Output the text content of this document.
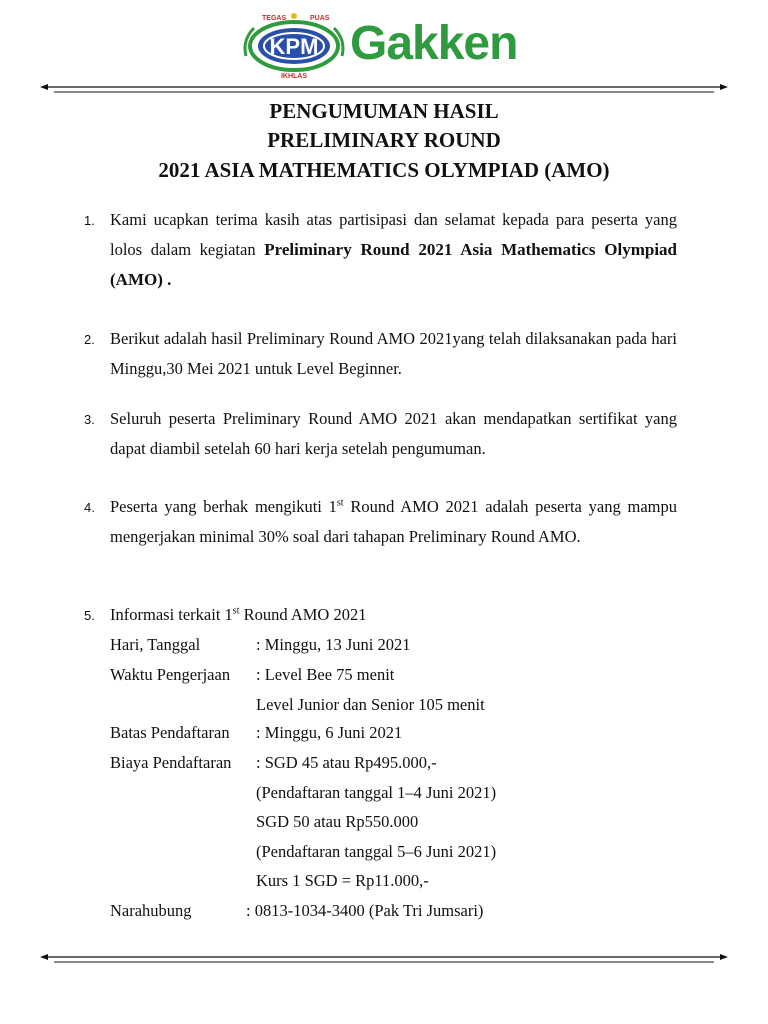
KPM
TEGAS	PUAS
IKHLAS
Gakken
PENGUMUMAN HASIL
PRELIMINARY ROUND
2021 ASIA MATHEMATICS OLYMPIAD (AMO)
1. Kami ucapkan terima kasih atas partisipasi dan selamat kepada para peserta yang lolos dalam kegiatan Preliminary Round 2021 Asia Mathematics Olympiad (AMO) .
2. Berikut adalah hasil Preliminary Round AMO 2021yang telah dilaksanakan pada hari Minggu,30 Mei 2021 untuk Level Beginner.
3. Seluruh peserta Preliminary Round AMO 2021 akan mendapatkan sertifikat yang dapat diambil setelah 60 hari kerja setelah pengumuman.
4. Peserta yang berhak mengikuti 1st Round AMO 2021 adalah peserta yang mampu mengerjakan minimal 30% soal dari tahapan Preliminary Round AMO.
5. Informasi terkait 1st Round AMO 2021
Hari, Tanggal	: Minggu, 13 Juni 2021
Waktu Pengerjaan : Level Bee 75 menit
Level Junior dan Senior 105 menit
Batas Pendaftaran : Minggu, 6 Juni 2021
Biaya Pendaftaran : SGD 45 atau Rp495.000,-
(Pendaftaran tanggal 1–4 Juni 2021)
SGD 50 atau Rp550.000
(Pendaftaran tanggal 5–6 Juni 2021)
Kurs 1 SGD = Rp11.000,-
Narahubung	: 0813-1034-3400 (Pak Tri Jumsari)
